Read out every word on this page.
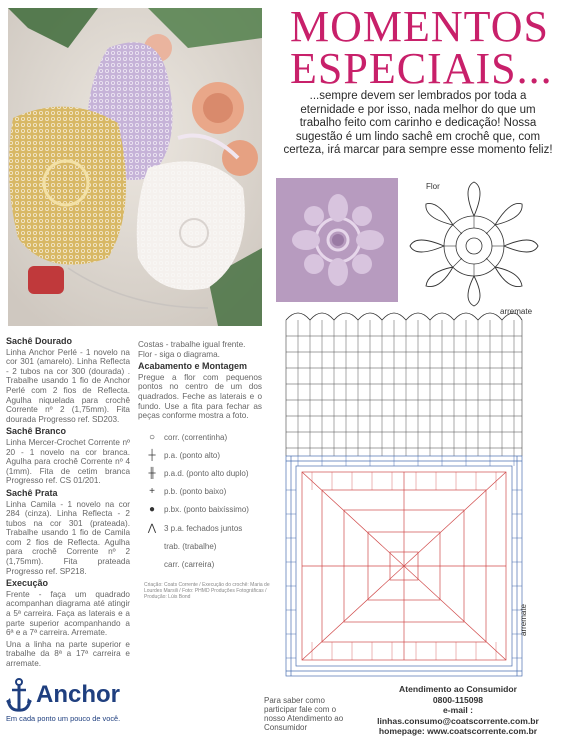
MOMENTOS
ESPECIAIS...
...sempre devem ser lembrados por toda a eternidade e por isso, nada melhor do que um trabalho feito com carinho e dedicação! Nossa sugestão é um lindo sachê em crochê que, com certeza, irá marcar para sempre esse momento feliz!
Flor
arremate
arremate
Sachê Dourado

Linha Anchor Perlé - 1 novelo na cor 301 (amarelo). Linha Reflecta - 2 tubos na cor 300 (dourada) . Trabalhe usando 1 fio de Anchor Perlé com 2 fios de Reflecta. Agulha niquelada para crochê Corrente nº 2 (1,75mm). Fita dourada Progresso ref. SD203.

Sachê Branco

Linha Mercer-Crochet Corrente nº 20 - 1 novelo na cor branca. Agulha para crochê Corrente nº 4 (1mm). Fita de cetim branca Progresso ref. CS 01/201.

Sachê Prata

Linha Camila - 1 novelo na cor 284 (cinza). Linha Reflecta - 2 tubos na cor 301 (prateada). Trabalhe usando 1 fio de Camila com 2 fios de Reflecta. Agulha para crochê Corrente nº 2 (1,75mm). Fita prateada Progresso ref. SP218.

Execução

Frente - faça um quadrado acompanhan diagrama até atingir a 5ª carreira. Faça as laterais e a parte superior acompanhando a 6ª e a 7ª carreira. Arremate.

Una a linha na parte superior e trabalhe da 8ª a 17ª carreira e arremate.

Costas - trabalhe igual frente.

Flor - siga o diagrama.

Acabamento e Montagem

Pregue a flor com pequenos pontos no centro de um dos quadrados. Feche as laterais e o fundo. Use a fita para fechar as peças conforme mostra a foto.

○	corr. (correntinha)
┼	p.a. (ponto alto)
╫	p.a.d. (ponto alto duplo)
+	p.b. (ponto baixo)
●	p.bx. (ponto baixíssimo)
⋀ 3 p.a. fechados juntos
trab. (trabalhe)
carr. (carreira)
Criação: Coats Corrente / Execução do crochê: Maria de Lourdes Marsili / Foto: PHMD Produções Fotográficas / Produção: Lúis Bond
Anchor
Em cada ponto um pouco de você.
Para saber como participar fale com o nosso Atendimento ao Consumidor
Atendimento ao Consumidor
0800-115098
e-mail :
linhas.consumo@coatscorrente.com.br
homepage: www.coatscorrente.com.br
